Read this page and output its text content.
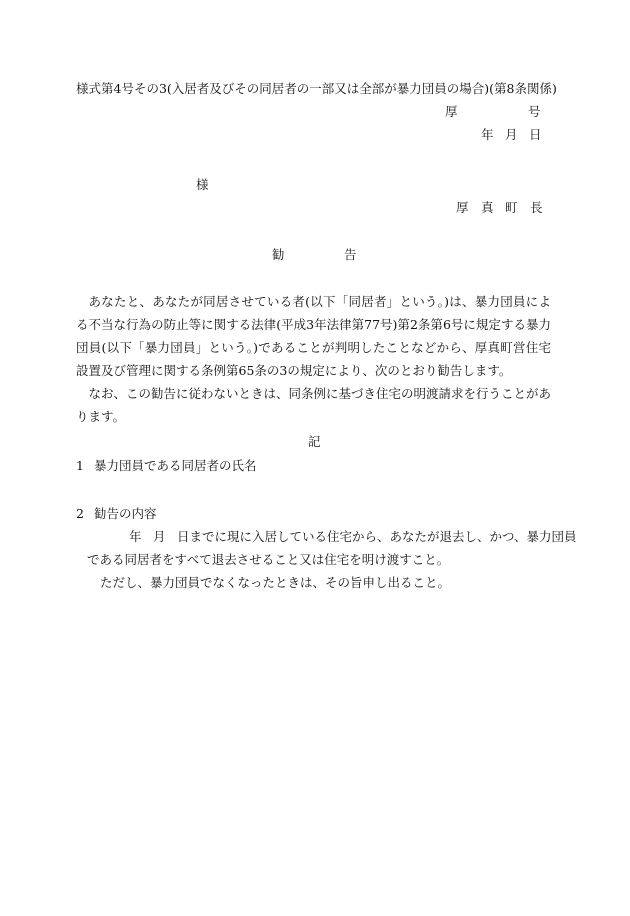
様式第4号その3(入居者及びその同居者の一部又は全部が暴力団員の場合)(第8条関係)
厚	号
年 月 日
様
厚 真 町 長
勧	告
あなたと、あなたが同居させている者(以下「同居者」という。)は、暴力団員による不当な行為の防止等に関する法律(平成3年法律第77号)第2条第6号に規定する暴力団員(以下「暴力団員」という。)であることが判明したことなどから、厚真町営住宅設置及び管理に関する条例第65条の3の規定により、次のとおり勧告します。
なお、この勧告に従わないときは、同条例に基づき住宅の明渡請求を行うことがあります。
記
1 暴力団員である同居者の氏名
2 勧告の内容
年 月 日までに現に入居している住宅から、あなたが退去し、かつ、暴力団員
である同居者をすべて退去させること又は住宅を明け渡すこと。
ただし、暴力団員でなくなったときは、その旨申し出ること。
